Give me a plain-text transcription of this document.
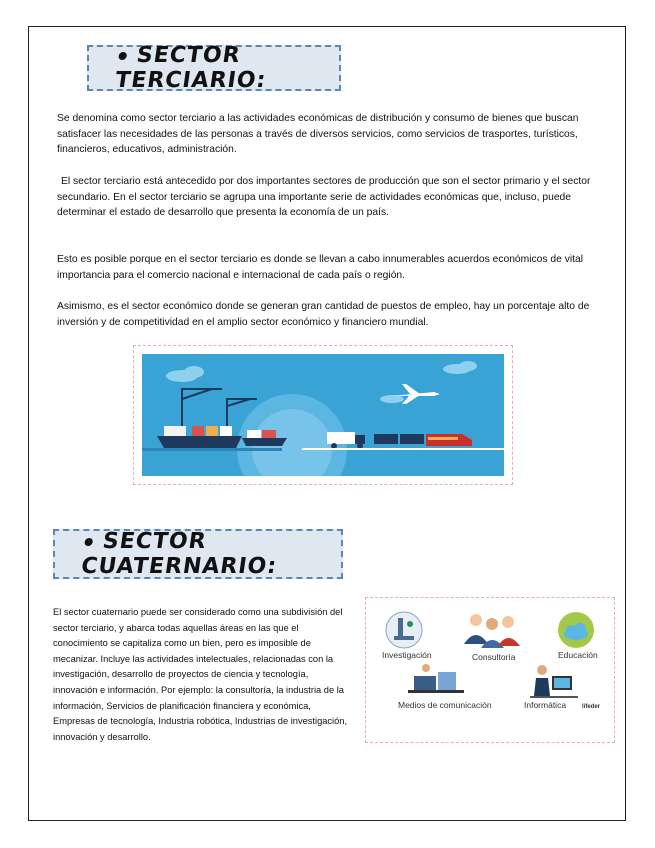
SECTOR TERCIARIO:

Se denomina como sector terciario a las actividades económicas de distribución y consumo de bienes que buscan satisfacer las necesidades de las personas a través de diversos servicios, como servicios de trasportes, turísticos, financieros, educativos, administración.

El sector terciario está antecedido por dos importantes sectores de producción que son el sector primario y el sector secundario. En el sector terciario se agrupa una importante serie de actividades económicas que, incluso, puede determinar el estado de desarrollo que presenta la economía de un país.

Esto es posible porque en el sector terciario es donde se llevan a cabo innumerables acuerdos económicos de vital importancia para el comercio nacional e internacional de cada país o región.

Asimismo, es el sector económico donde se generan gran cantidad de puestos de empleo, hay un porcentaje alto de inversión y de competitividad en el amplio sector económico y financiero mundial.

SECTOR CUATERNARIO:

El sector cuaternario puede ser considerado como una subdivisión del sector terciario, y abarca todas aquellas áreas en las que el conocimiento se capitaliza como un bien, pero es imposible de mecanizar. Incluye las actividades intelectuales, relacionadas con la investigación, desarrollo de proyectos de ciencia y tecnología, innovación e información. Por ejemplo: la consultoría, la industria de la información, Servicios de planificación financiera y económica, Empresas de tecnología, Industria robótica, Industrias de investigación, innovación y desarrollo.

Investigación	Consultoría	Educación
Medios de comunicación	Informática	lifeder
